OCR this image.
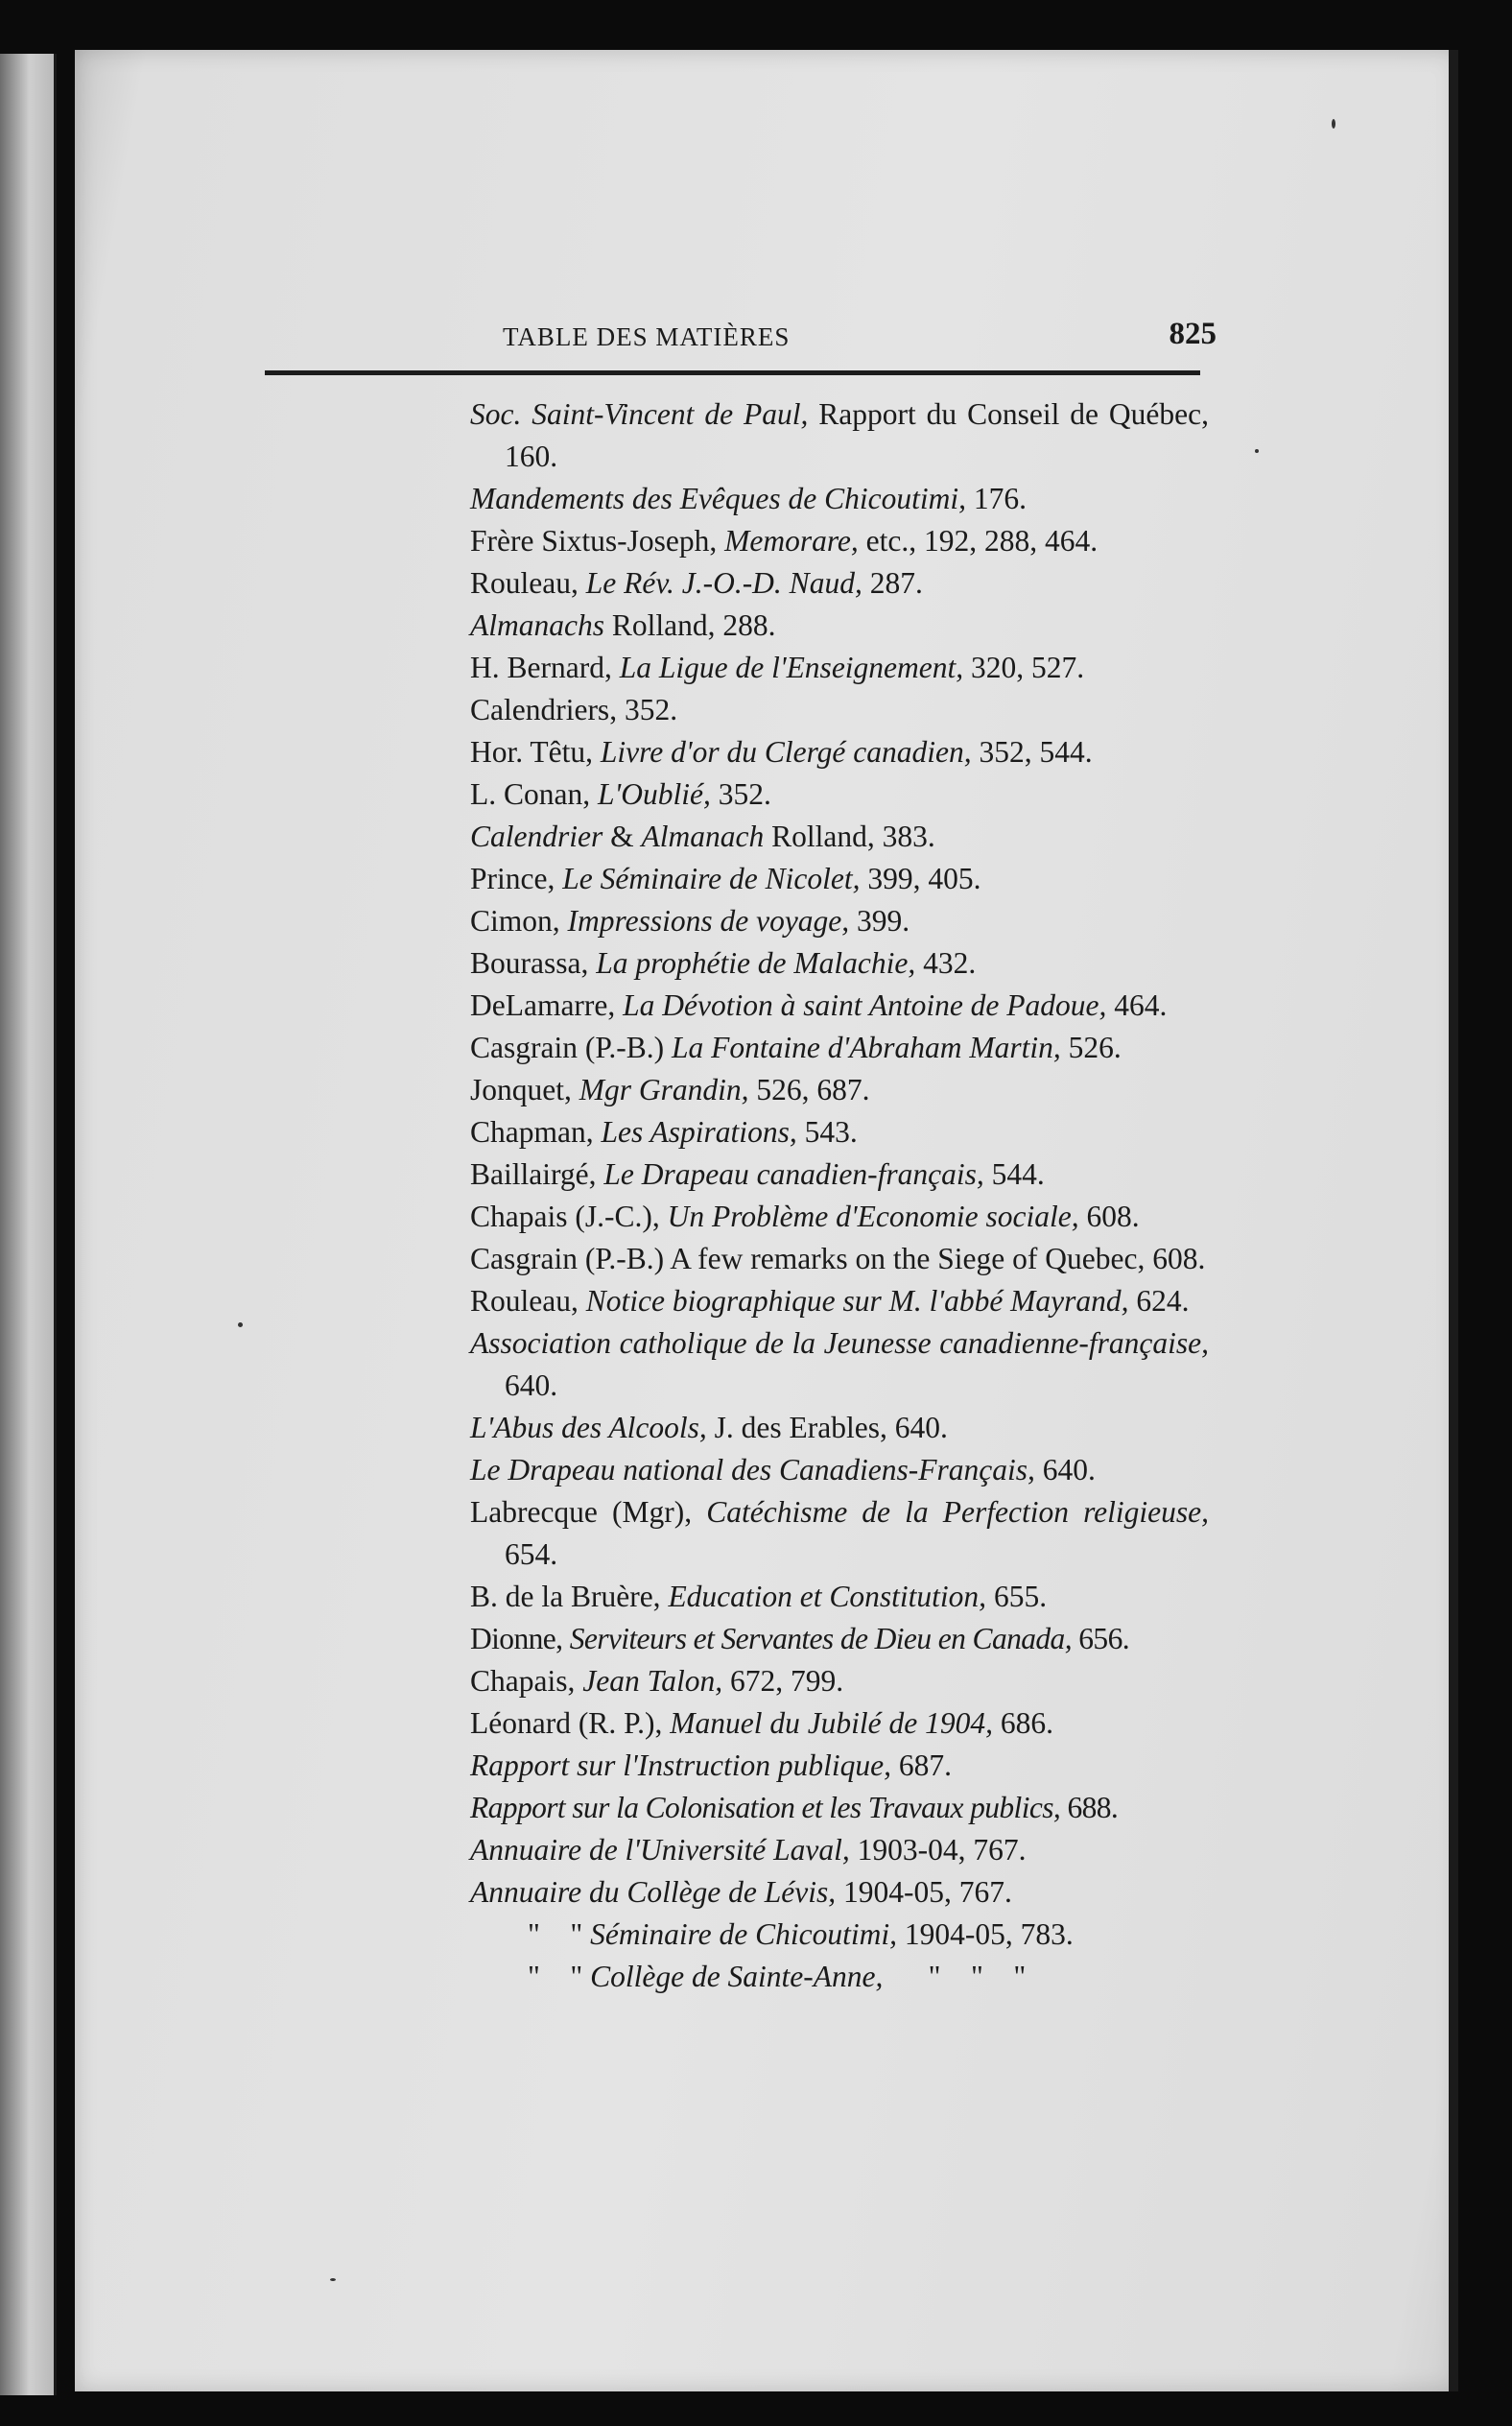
TABLE DES MATIÈRES	825

Soc. Saint-Vincent de Paul, Rapport du Conseil de Québec, 160.

Mandements des Evêques de Chicoutimi, 176.

Frère Sixtus-Joseph, Memorare, etc., 192, 288, 464.

Rouleau, Le Rév. J.-O.-D. Naud, 287.

Almanachs Rolland, 288.

H. Bernard, La Ligue de l'Enseignement, 320, 527.

Calendriers, 352.

Hor. Têtu, Livre d'or du Clergé canadien, 352, 544.

L. Conan, L'Oublié, 352.

Calendrier & Almanach Rolland, 383.

Prince, Le Séminaire de Nicolet, 399, 405.

Cimon, Impressions de voyage, 399.

Bourassa, La prophétie de Malachie, 432.

DeLamarre, La Dévotion à saint Antoine de Padoue, 464.

Casgrain (P.-B.) La Fontaine d'Abraham Martin, 526.

Jonquet, Mgr Grandin, 526, 687.

Chapman, Les Aspirations, 543.

Baillairgé, Le Drapeau canadien-français, 544.

Chapais (J.-C.), Un Problème d'Economie sociale, 608.

Casgrain (P.-B.) A few remarks on the Siege of Quebec, 608.

Rouleau, Notice biographique sur M. l'abbé Mayrand, 624.

Association catholique de la Jeunesse canadienne-française, 640.

L'Abus des Alcools, J. des Erables, 640.

Le Drapeau national des Canadiens-Français, 640.

Labrecque (Mgr), Catéchisme de la Perfection religieuse, 654.

B. de la Bruère, Education et Constitution, 655.

Dionne, Serviteurs et Servantes de Dieu en Canada, 656.

Chapais, Jean Talon, 672, 799.

Léonard (R. P.), Manuel du Jubilé de 1904, 686.

Rapport sur l'Instruction publique, 687.

Rapport sur la Colonisation et les Travaux publics, 688.

Annuaire de l'Université Laval, 1903-04, 767.

Annuaire du Collège de Lévis, 1904-05, 767.

"    " Séminaire de Chicoutimi, 1904-05, 783.

"    " Collège de Sainte-Anne,      "    "    "
